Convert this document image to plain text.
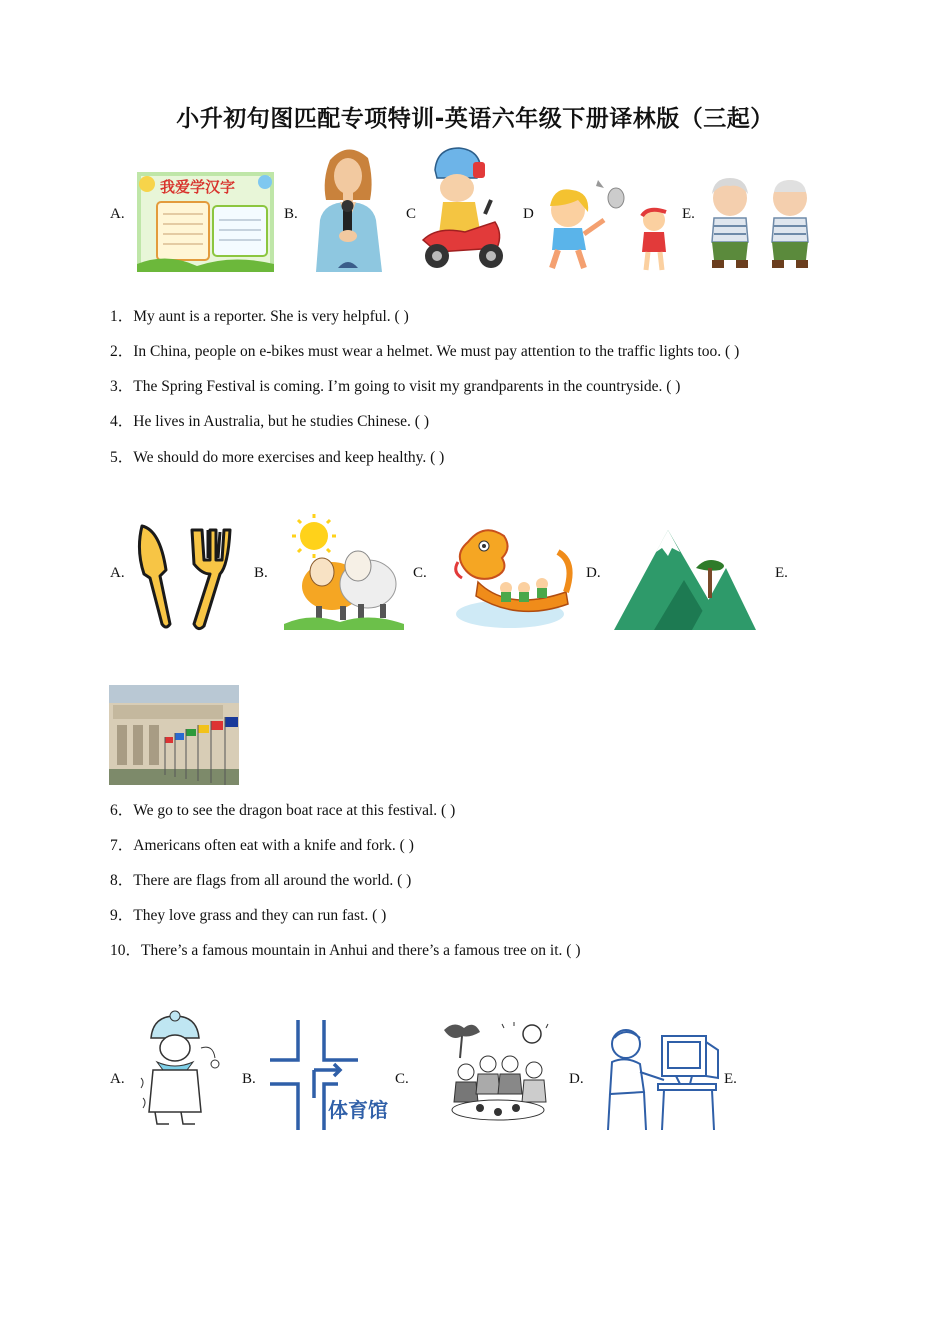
小升初句图匹配专项特训-英语六年级下册译林版（三起）
A.	B.	C	D	E.
我爱学汉字
1．My aunt is a reporter. She is very helpful. ( )
2．In China, people on e-bikes must wear a helmet. We must pay attention to the traffic lights too. ( )
3．The Spring Festival is coming. I’m going to visit my grandparents in the countryside. ( )
4．He lives in Australia, but he studies Chinese. ( )
5．We should do more exercises and keep healthy. ( )
A.	B.	C.	D.	E.
6．We go to see the dragon boat race at this festival. ( )
7．Americans often eat with a knife and fork. ( )
8．There are flags from all around the world. ( )
9．They love grass and they can run fast. ( )
10．There’s a famous mountain in Anhui and there’s a famous tree on it. ( )
A.	B.	C.	D.	E.
体育馆
